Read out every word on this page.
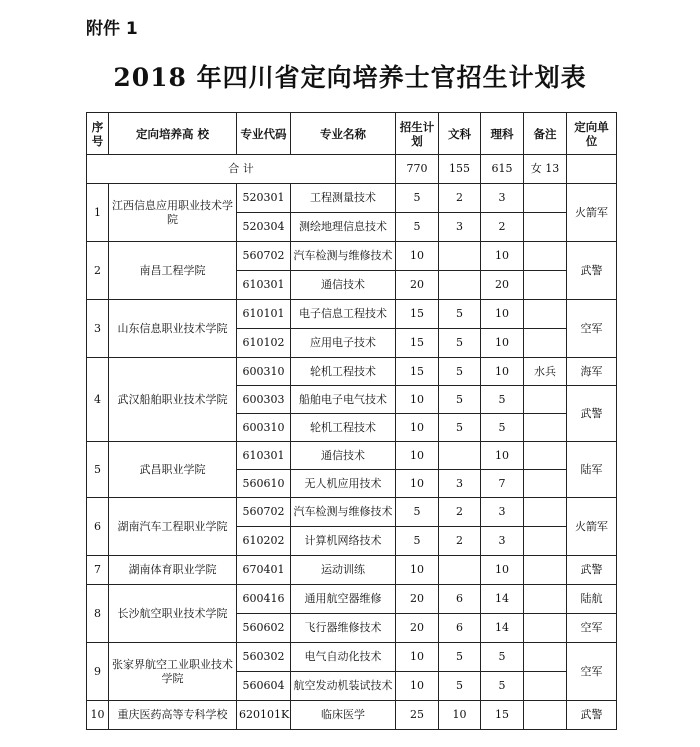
附件 1
2018 年四川省定向培养士官招生计划表
序号	定向培养高 校	专业代码	专业名称	招生计划	文科	理科	备注	定向单位
合 计				770	155	615	女 13	
1	江西信息应用职业技术学院	520301	工程测量技术	5	2	3		火箭军
		520304	测绘地理信息技术	5	3	2		
2	南昌工程学院	560702	汽车检测与维修技术	10		10		武警
		610301	通信技术	20		20		
3	山东信息职业技术学院	610101	电子信息工程技术	15	5	10		空军
		610102	应用电子技术	15	5	10		
4	武汉船舶职业技术学院	600310	轮机工程技术	15	5	10	水兵	海军
		600303	船舶电子电气技术	10	5	5		武警
		600310	轮机工程技术	10	5	5		
5	武昌职业学院	610301	通信技术	10		10		陆军
		560610	无人机应用技术	10	3	7		
6	湖南汽车工程职业学院	560702	汽车检测与维修技术	5	2	3		火箭军
		610202	计算机网络技术	5	2	3		
7	湖南体育职业学院	670401	运动训练	10		10		武警
8	长沙航空职业技术学院	600416	通用航空器维修	20	6	14		陆航
		560602	飞行器维修技术	20	6	14		空军
9	张家界航空工业职业技术学院	560302	电气自动化技术	10	5	5		空军
		560604	航空发动机装试技术	10	5	5		
10	重庆医药高等专科学校	620101K	临床医学	25	10	15		武警
